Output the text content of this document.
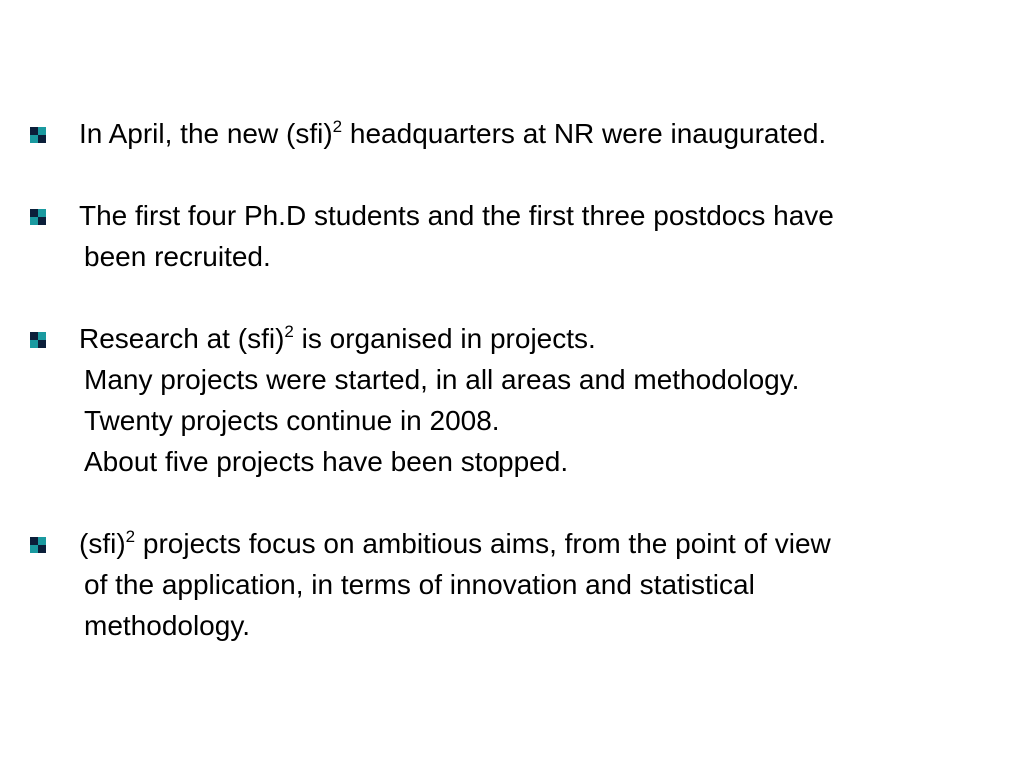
In April, the new (sfi)$^2$ headquarters at NR were inaugurated.
The first four Ph.D students and the first three postdocs have
been recruited.
Research at (sfi)$^2$ is organised in projects.
Many projects were started, in all areas and methodology.
Twenty projects continue in 2008.
About five projects have been stopped.
(sfi)$^2$ projects focus on ambitious aims, from the point of view
of the application, in terms of innovation and statistical
methodology.
